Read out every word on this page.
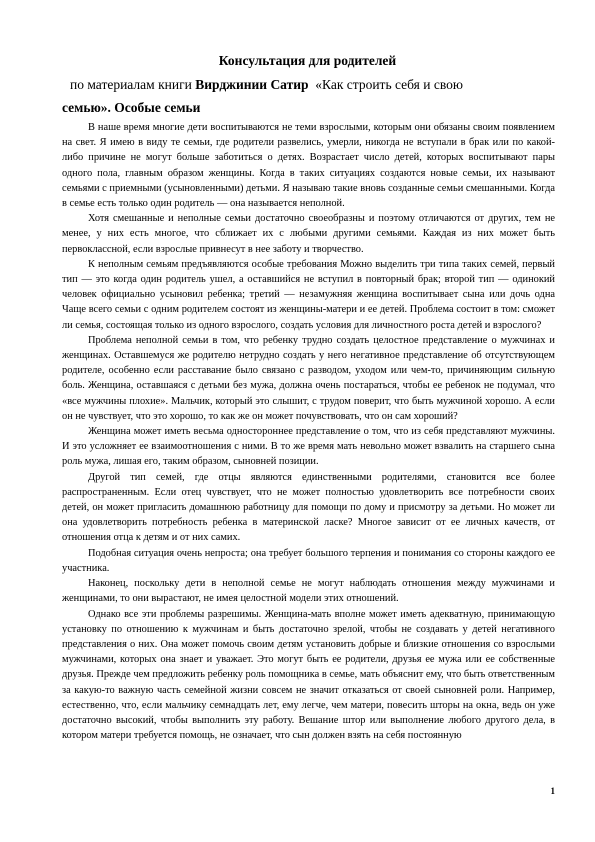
Консультация для родителей

по материалам книги Вирджинии Сатир  «Как строить себя и свою

семью». Особые семьи

В наше время многие дети воспитываются не теми взрослыми, которым они обязаны своим появлением на свет. Я имею в виду те семьи, где родители развелись, умерли, никогда не вступали в брак или по какой-либо причине не могут больше заботиться о детях. Возрастает число детей, которых воспитывают пары одного пола, главным образом женщины. Когда в таких ситуациях создаются новые семьи, их называют семьями с приемными (усыновленными) детьми. Я называю такие вновь созданные семьи смешанными. Когда в семье есть только один родитель — она называется неполной.

Хотя смешанные и неполные семьи достаточно своеобразны и поэтому отличаются от других, тем не менее, у них есть многое, что сближает их с любыми другими семьями. Каждая из них может быть первоклассной, если взрослые привнесут в нее заботу и творчество.

К неполным семьям предъявляются особые требования Можно выделить три типа таких семей, первый тип — это когда один родитель ушел, а оставшийся не вступил в повторный брак; второй тип — одинокий человек официально усыновил ребенка; третий — незамужняя женщина воспитывает сына или дочь одна Чаще всего семьи с одним родителем состоят из женщины-матери и ее детей. Проблема состоит в том: сможет ли семья, состоящая только из одного взрослого, создать условия для личностного роста детей и взрослого?

Проблема неполной семьи в том, что ребенку трудно создать целостное представление о мужчинах и женщинах. Оставшемуся же родителю нетрудно создать у него негативное представление об отсутствующем родителе, особенно если расставание было связано с разводом, уходом или чем-то, причиняющим сильную боль. Женщина, оставшаяся с детьми без мужа, должна очень постараться, чтобы ее ребенок не подумал, что «все мужчины плохие». Мальчик, который это слышит, с трудом поверит, что быть мужчиной хорошо. А если он не чувствует, что это хорошо, то как же он может почувствовать, что он сам хороший?

Женщина может иметь весьма одностороннее представление о том, что из себя представляют мужчины. И это усложняет ее взаимоотношения с ними. В то же время мать невольно может взвалить на старшего сына роль мужа, лишая его, таким образом, сыновней позиции.

Другой тип семей, где отцы являются единственными родителями, становится все более распространенным. Если отец чувствует, что не может полностью удовлетворить все потребности своих детей, он может пригласить домашнюю работницу для помощи по дому и присмотру за детьми. Но может ли она удовлетворить потребность ребенка в материнской ласке? Многое зависит от ее личных качеств, от отношения отца к детям и от них самих.

Подобная ситуация очень непроста; она требует большого терпения и понимания со стороны каждого ее участника.

Наконец, поскольку дети в неполной семье не могут наблюдать отношения между мужчинами и женщинами, то они вырастают, не имея целостной модели этих отношений.

Однако все эти проблемы разрешимы. Женщина-мать вполне может иметь адекватную, принимающую установку по отношению к мужчинам и быть достаточно зрелой, чтобы не создавать у детей негативного представления о них. Она может помочь своим детям установить добрые и близкие отношения со взрослыми мужчинами, которых она знает и уважает. Это могут быть ее родители, друзья ее мужа или ее собственные друзья. Прежде чем предложить ребенку роль помощника в семье, мать объяснит ему, что быть ответственным за какую-то важную часть семейной жизни совсем не значит отказаться от своей сыновней роли. Например, естественно, что, если мальчику семнадцать лет, ему легче, чем матери, повесить шторы на окна, ведь он уже достаточно высокий, чтобы выполнить эту работу. Вешание штор или выполнение любого другого дела, в котором матери требуется помощь, не означает, что сын должен взять на себя постоянную

1
